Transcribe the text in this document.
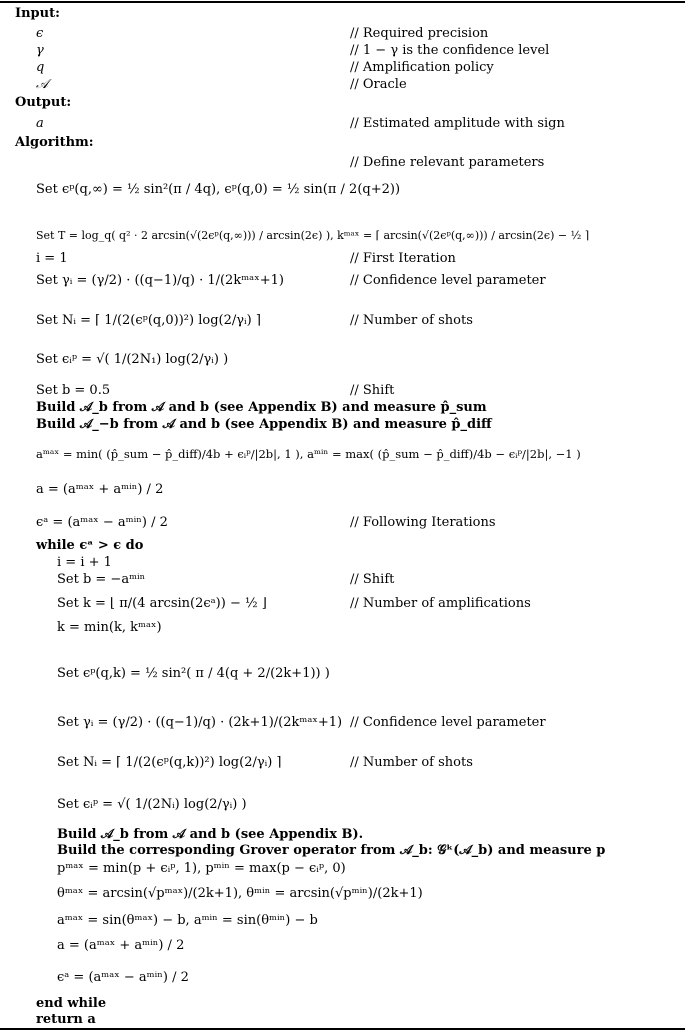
Input:
ϵ	// Required precision
γ	// 1 − γ is the confidence level
q	// Amplification policy
𝒜	// Oracle
Output:
a	// Estimated amplitude with sign
Algorithm:
// Define relevant parameters
Set ϵᵖ(q,∞) = ½ sin²(π / 4q), ϵᵖ(q,0) = ½ sin(π / 2(q+2))
Set T = log_q( q² · 2 arcsin(√(2ϵᵖ(q,∞))) / arcsin(2ϵ) ), kᵐᵃˣ = ⌈ arcsin(√(2ϵᵖ(q,∞))) / arcsin(2ϵ) − ½ ⌉
i = 1	// First Iteration
Set γᵢ = (γ/2) · ((q−1)/q) · 1/(2kᵐᵃˣ+1)	// Confidence level parameter
Set Nᵢ = ⌈ 1/(2(ϵᵖ(q,0))²) log(2/γᵢ) ⌉	// Number of shots
Set ϵᵢᵖ = √( 1/(2N₁) log(2/γᵢ) )
Set b = 0.5	// Shift
Build 𝒜_b from 𝒜 and b (see Appendix B) and measure p̂_sum
Build 𝒜_−b from 𝒜 and b (see Appendix B) and measure p̂_diff
aᵐᵃˣ = min( (p̂_sum − p̂_diff)/4b + ϵᵢᵖ/|2b|, 1 ), aᵐⁱⁿ = max( (p̂_sum − p̂_diff)/4b − ϵᵢᵖ/|2b|, −1 )
a = (aᵐᵃˣ + aᵐⁱⁿ) / 2
ϵᵃ = (aᵐᵃˣ − aᵐⁱⁿ) / 2	// Following Iterations
while ϵᵃ > ϵ do
i = i + 1
Set b = −aᵐⁱⁿ	// Shift
Set k = ⌊ π/(4 arcsin(2ϵᵃ)) − ½ ⌋	// Number of amplifications
k = min(k, kᵐᵃˣ)
Set ϵᵖ(q,k) = ½ sin²( π / 4(q + 2/(2k+1)) )
Set γᵢ = (γ/2) · ((q−1)/q) · (2k+1)/(2kᵐᵃˣ+1) // Confidence level parameter
Set Nᵢ = ⌈ 1/(2(ϵᵖ(q,k))²) log(2/γᵢ) ⌉	// Number of shots
Set ϵᵢᵖ = √( 1/(2Nᵢ) log(2/γᵢ) )
Build 𝒜_b from 𝒜 and b (see Appendix B).
Build the corresponding Grover operator from 𝒜_b: 𝒢ᵏ(𝒜_b) and measure p
pᵐᵃˣ = min(p + ϵᵢᵖ, 1), pᵐⁱⁿ = max(p − ϵᵢᵖ, 0)
θᵐᵃˣ = arcsin(√pᵐᵃˣ)/(2k+1), θᵐⁱⁿ = arcsin(√pᵐⁱⁿ)/(2k+1)
aᵐᵃˣ = sin(θᵐᵃˣ) − b, aᵐⁱⁿ = sin(θᵐⁱⁿ) − b
a = (aᵐᵃˣ + aᵐⁱⁿ) / 2
ϵᵃ = (aᵐᵃˣ − aᵐⁱⁿ) / 2
end while
return a
